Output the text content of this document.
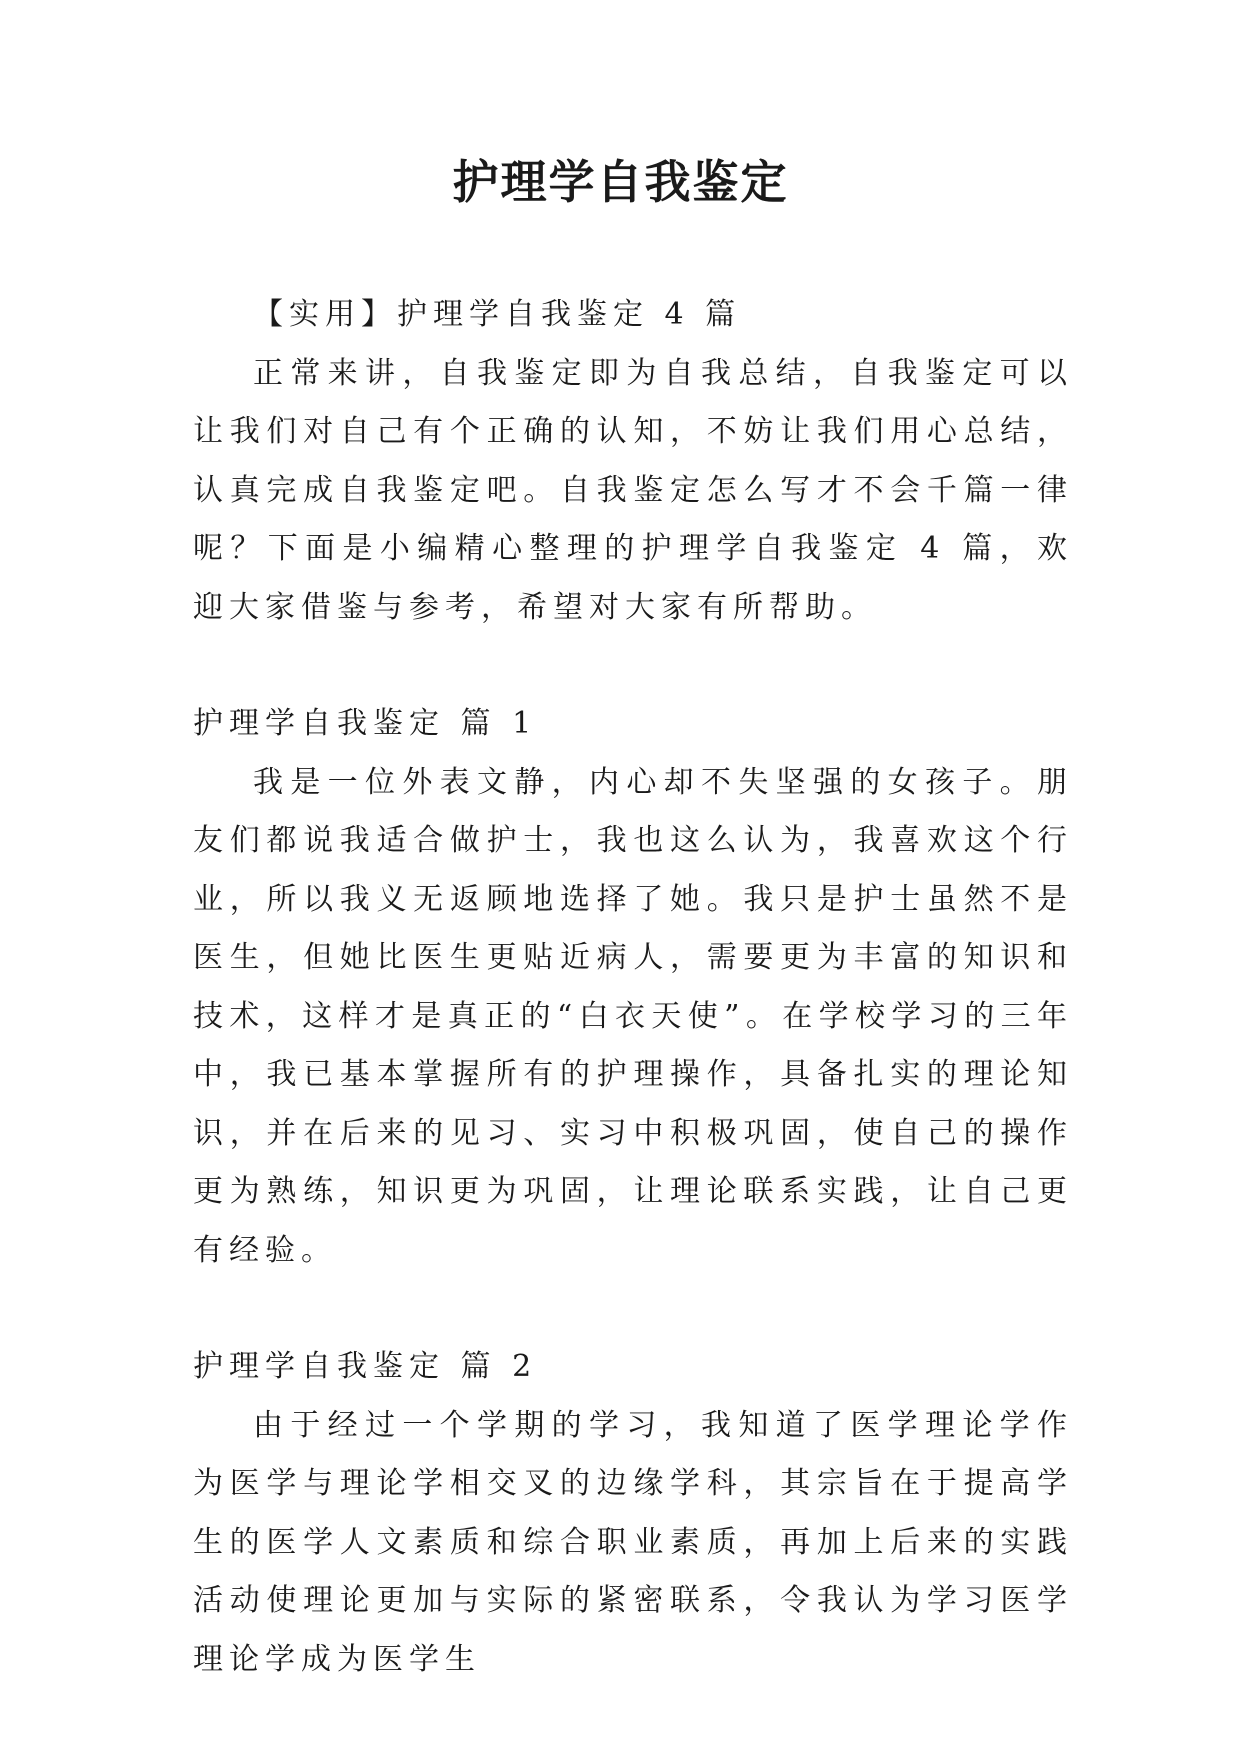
护理学自我鉴定

【实用】护理学自我鉴定 4 篇

正常来讲，自我鉴定即为自我总结，自我鉴定可以让我们对自己有个正确的认知，不妨让我们用心总结，认真完成自我鉴定吧。自我鉴定怎么写才不会千篇一律呢？下面是小编精心整理的护理学自我鉴定 4 篇，欢迎大家借鉴与参考，希望对大家有所帮助。

护理学自我鉴定 篇 1

我是一位外表文静，内心却不失坚强的女孩子。朋友们都说我适合做护士，我也这么认为，我喜欢这个行业，所以我义无返顾地选择了她。我只是护士虽然不是医生，但她比医生更贴近病人，需要更为丰富的知识和技术，这样才是真正的“白衣天使”。在学校学习的三年中，我已基本掌握所有的护理操作，具备扎实的理论知识，并在后来的见习、实习中积极巩固，使自己的操作更为熟练，知识更为巩固，让理论联系实践，让自己更有经验。

护理学自我鉴定 篇 2

由于经过一个学期的学习，我知道了医学理论学作为医学与理论学相交叉的边缘学科，其宗旨在于提高学生的医学人文素质和综合职业素质，再加上后来的实践活动使理论更加与实际的紧密联系，令我认为学习医学理论学成为医学生
